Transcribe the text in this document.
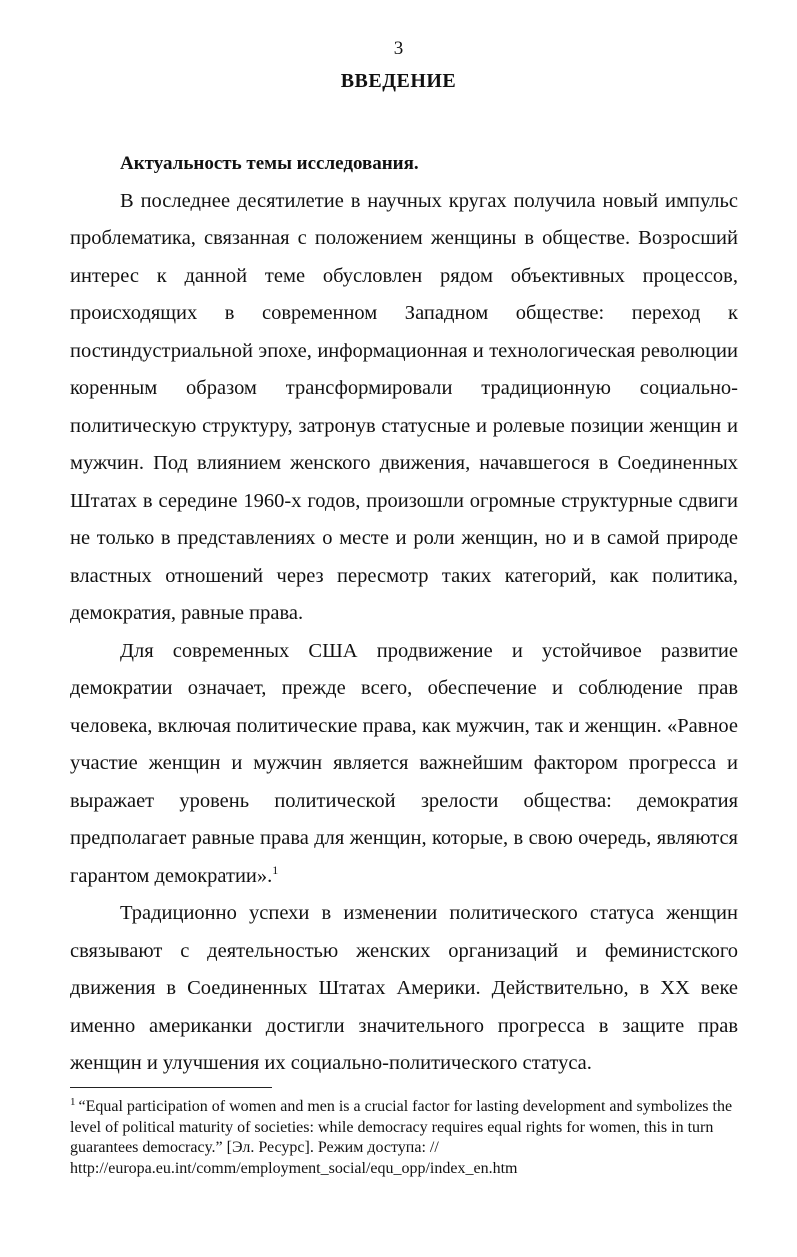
3
ВВЕДЕНИЕ

Актуальность темы исследования.

В последнее десятилетие в научных кругах получила новый импульс проблематика, связанная с положением женщины в обществе. Возросший интерес к данной теме обусловлен рядом объективных процессов, происходящих в современном Западном обществе: переход к постиндустриальной эпохе, информационная и технологическая революции коренным образом трансформировали традиционную социально-политическую структуру, затронув статусные и ролевые позиции женщин и мужчин. Под влиянием женского движения, начавшегося в Соединенных Штатах в середине 1960-х годов, произошли огромные структурные сдвиги не только в представлениях о месте и роли женщин, но и в самой природе властных отношений через пересмотр таких категорий, как политика, демократия, равные права.

Для современных США продвижение и устойчивое развитие демократии означает, прежде всего, обеспечение и соблюдение прав человека, включая политические права, как мужчин, так и женщин. «Равное участие женщин и мужчин является важнейшим фактором прогресса и выражает уровень политической зрелости общества: демократия предполагает равные права для женщин, которые, в свою очередь, являются гарантом демократии».$^1$

Традиционно успехи в изменении политического статуса женщин связывают с деятельностью женских организаций и феминистского движения в Соединенных Штатах Америки. Действительно, в XX веке именно американки достигли значительного прогресса в защите прав женщин и улучшения их социально-политического статуса.

$^1$ “Equal participation of women and men is a crucial factor for lasting development and symbolizes the level of political maturity of societies: while democracy requires equal rights for women, this in turn guarantees democracy.” [Эл. Ресурс]. Режим доступа: // http://europa.eu.int/comm/employment_social/equ_opp/index_en.htm
